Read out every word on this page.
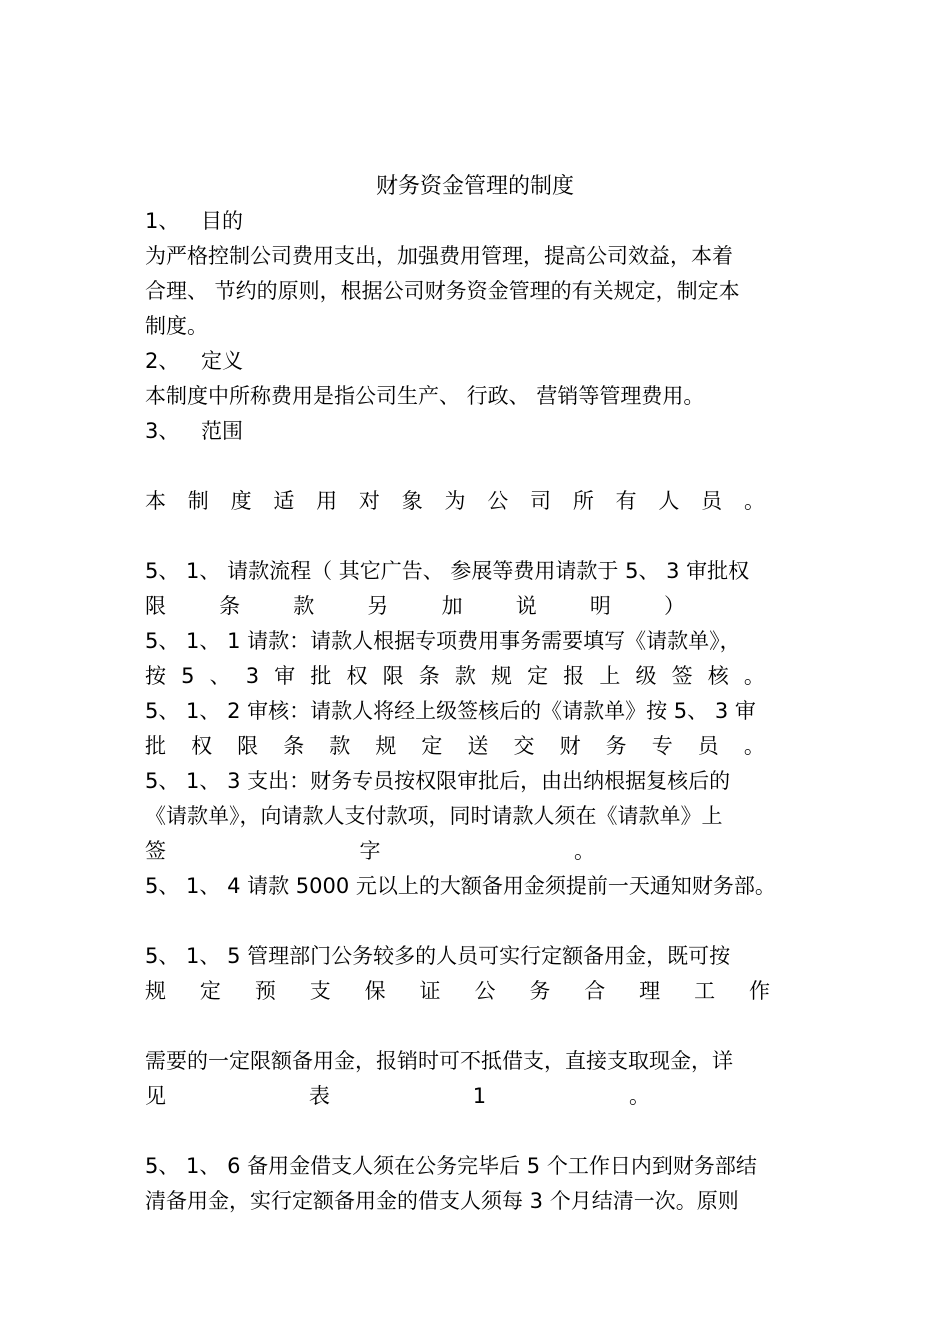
财务资金管理的制度
1、 目的
为严格控制公司费用支出，加强费用管理，提高公司效益，本着
合理、 节约的原则，根据公司财务资金管理的有关规定，制定本
制度。
2、 定义
本制度中所称费用是指公司生产、 行政、 营销等管理费用。
3、 范围
本 制 度 适 用 对 象 为 公 司 所 有 人 员 。
5、 1、 请款流程（ 其它广告、 参展等费用请款于 5、 3 审批权
限	条	款	另	加	说	明	）
5、 1、 1 请款：请款人根据专项费用事务需要填写《请款单》，
按 5 、 3 审 批 权 限 条 款 规 定 报 上 级 签 核 。
5、 1、 2 审核：请款人将经上级签核后的《请款单》按 5、 3 审
批 权 限 条 款 规 定 送 交 财 务 专 员 。
5、 1、 3 支出：财务专员按权限审批后，由出纳根据复核后的
《请款单》，向请款人支付款项，同时请款人须在《请款单》上
签	字	。
5、 1、 4 请款 5000 元以上的大额备用金须提前一天通知财务部。
5、 1、 5 管理部门公务较多的人员可实行定额备用金，既可按
规 定 预 支 保 证 公 务 合 理 工 作
需要的一定限额备用金，报销时可不抵借支，直接支取现金，详
见	表	1	。
5、 1、 6 备用金借支人须在公务完毕后 5 个工作日内到财务部结
清备用金，实行定额备用金的借支人须每 3 个月结清一次。原则
